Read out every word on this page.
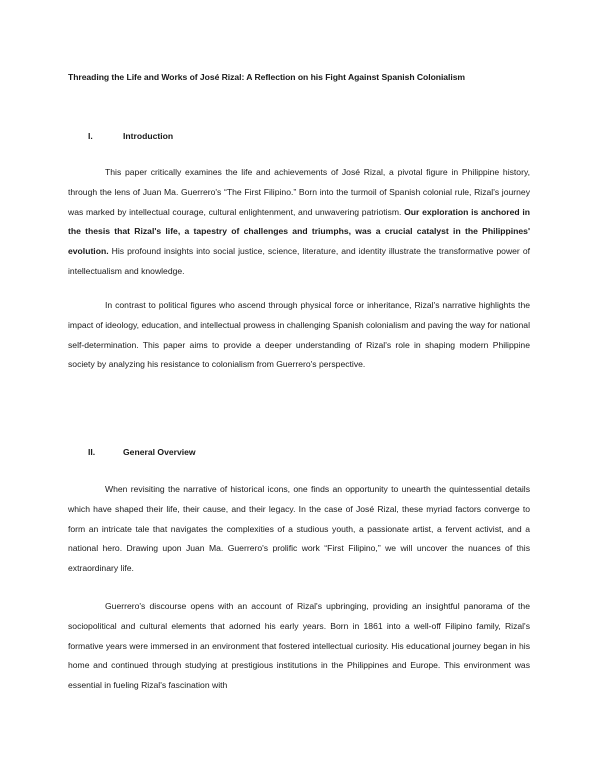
Threading the Life and Works of José Rizal: A Reflection on his Fight Against Spanish Colonialism
I.	Introduction

This paper critically examines the life and achievements of José Rizal, a pivotal figure in Philippine history, through the lens of Juan Ma. Guerrero's “The First Filipino.” Born into the turmoil of Spanish colonial rule, Rizal's journey was marked by intellectual courage, cultural enlightenment, and unwavering patriotism. Our exploration is anchored in the thesis that Rizal's life, a tapestry of challenges and triumphs, was a crucial catalyst in the Philippines' evolution. His profound insights into social justice, science, literature, and identity illustrate the transformative power of intellectualism and knowledge.

In contrast to political figures who ascend through physical force or inheritance, Rizal's narrative highlights the impact of ideology, education, and intellectual prowess in challenging Spanish colonialism and paving the way for national self-determination. This paper aims to provide a deeper understanding of Rizal's role in shaping modern Philippine society by analyzing his resistance to colonialism from Guerrero's perspective.

II.	General Overview

When revisiting the narrative of historical icons, one finds an opportunity to unearth the quintessential details which have shaped their life, their cause, and their legacy. In the case of José Rizal, these myriad factors converge to form an intricate tale that navigates the complexities of a studious youth, a passionate artist, a fervent activist, and a national hero. Drawing upon Juan Ma. Guerrero's prolific work “First Filipino,” we will uncover the nuances of this extraordinary life.

Guerrero's discourse opens with an account of Rizal's upbringing, providing an insightful panorama of the sociopolitical and cultural elements that adorned his early years. Born in 1861 into a well-off Filipino family, Rizal's formative years were immersed in an environment that fostered intellectual curiosity. His educational journey began in his home and continued through studying at prestigious institutions in the Philippines and Europe. This environment was essential in fueling Rizal's fascination with
